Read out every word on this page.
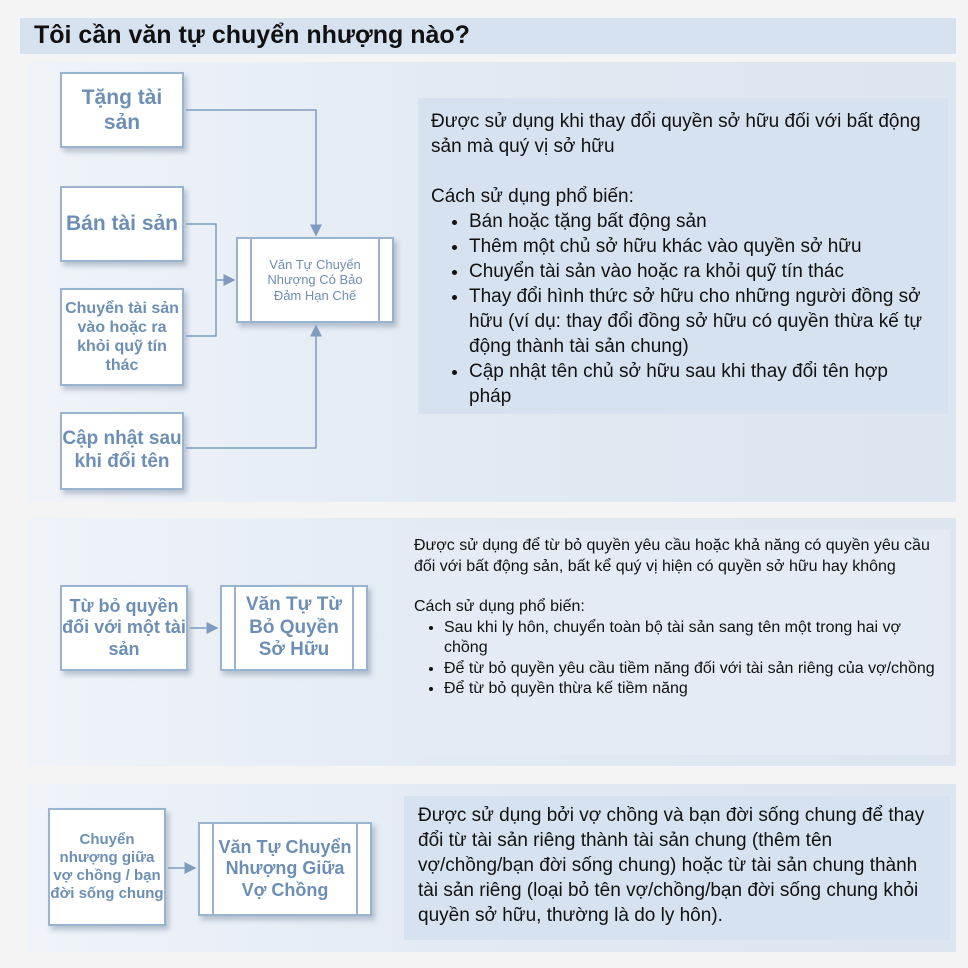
Tôi cần văn tự chuyển nhượng nào?
Tặng tài sản
Bán tài sản
Chuyển tài sản vào hoặc ra khỏi quỹ tín thác
Cập nhật sau khi đổi tên
Văn Tự Chuyển Nhượng Có Bảo Đảm Hạn Chế
Được sử dụng khi thay đổi quyền sở hữu đối với bất động sản mà quý vị sở hữu
Cách sử dụng phổ biến:
• Bán hoặc tặng bất động sản
• Thêm một chủ sở hữu khác vào quyền sở hữu
• Chuyển tài sản vào hoặc ra khỏi quỹ tín thác
• Thay đổi hình thức sở hữu cho những người đồng sở hữu (ví dụ: thay đổi đồng sở hữu có quyền thừa kế tự động thành tài sản chung)
• Cập nhật tên chủ sở hữu sau khi thay đổi tên hợp pháp
Từ bỏ quyền đối với một tài sản
Văn Tự Từ Bỏ Quyền Sở Hữu
Được sử dụng để từ bỏ quyền yêu cầu hoặc khả năng có quyền yêu cầu đối với bất động sản, bất kể quý vị hiện có quyền sở hữu hay không
Cách sử dụng phổ biến:
• Sau khi ly hôn, chuyển toàn bộ tài sản sang tên một trong hai vợ chồng
• Để từ bỏ quyền yêu cầu tiềm năng đối với tài sản riêng của vợ/chồng
• Để từ bỏ quyền thừa kế tiềm năng
Chuyển nhượng giữa vợ chồng / bạn đời sống chung
Văn Tự Chuyển Nhượng Giữa Vợ Chồng
Được sử dụng bởi vợ chồng và bạn đời sống chung để thay đổi từ tài sản riêng thành tài sản chung (thêm tên vợ/chồng/bạn đời sống chung) hoặc từ tài sản chung thành tài sản riêng (loại bỏ tên vợ/chồng/bạn đời sống chung khỏi quyền sở hữu, thường là do ly hôn).
